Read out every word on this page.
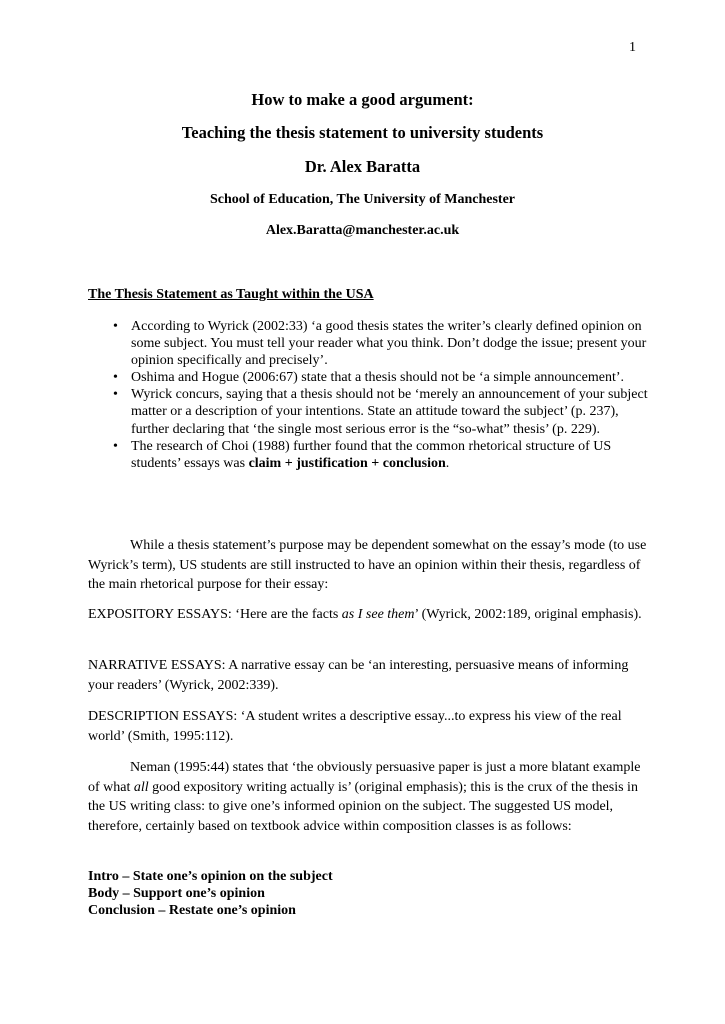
1
How to make a good argument:
Teaching the thesis statement to university students
Dr. Alex Baratta
School of Education, The University of Manchester
Alex.Baratta@manchester.ac.uk
The Thesis Statement as Taught within the USA
• According to Wyrick (2002:33) ‘a good thesis states the writer’s clearly defined opinion on some subject. You must tell your reader what you think. Don’t dodge the issue; present your opinion specifically and precisely’.
• Oshima and Hogue (2006:67) state that a thesis should not be ‘a simple announcement’.
• Wyrick concurs, saying that a thesis should not be ‘merely an announcement of your subject matter or a description of your intentions. State an attitude toward the subject’ (p. 237), further declaring that ‘the single most serious error is the “so-what” thesis’ (p. 229).
• The research of Choi (1988) further found that the common rhetorical structure of US students’ essays was claim + justification + conclusion.

While a thesis statement’s purpose may be dependent somewhat on the essay’s mode (to use Wyrick’s term), US students are still instructed to have an opinion within their thesis, regardless of the main rhetorical purpose for their essay:

EXPOSITORY ESSAYS: ‘Here are the facts as I see them’ (Wyrick, 2002:189, original emphasis).

NARRATIVE ESSAYS: A narrative essay can be ‘an interesting, persuasive means of informing your readers’ (Wyrick, 2002:339).

DESCRIPTION ESSAYS: ‘A student writes a descriptive essay...to express his view of the real world’ (Smith, 1995:112).

Neman (1995:44) states that ‘the obviously persuasive paper is just a more blatant example of what all good expository writing actually is’ (original emphasis); this is the crux of the thesis in the US writing class: to give one’s informed opinion on the subject. The suggested US model, therefore, certainly based on textbook advice within composition classes is as follows:

Intro – State one’s opinion on the subject
Body – Support one’s opinion
Conclusion – Restate one’s opinion
